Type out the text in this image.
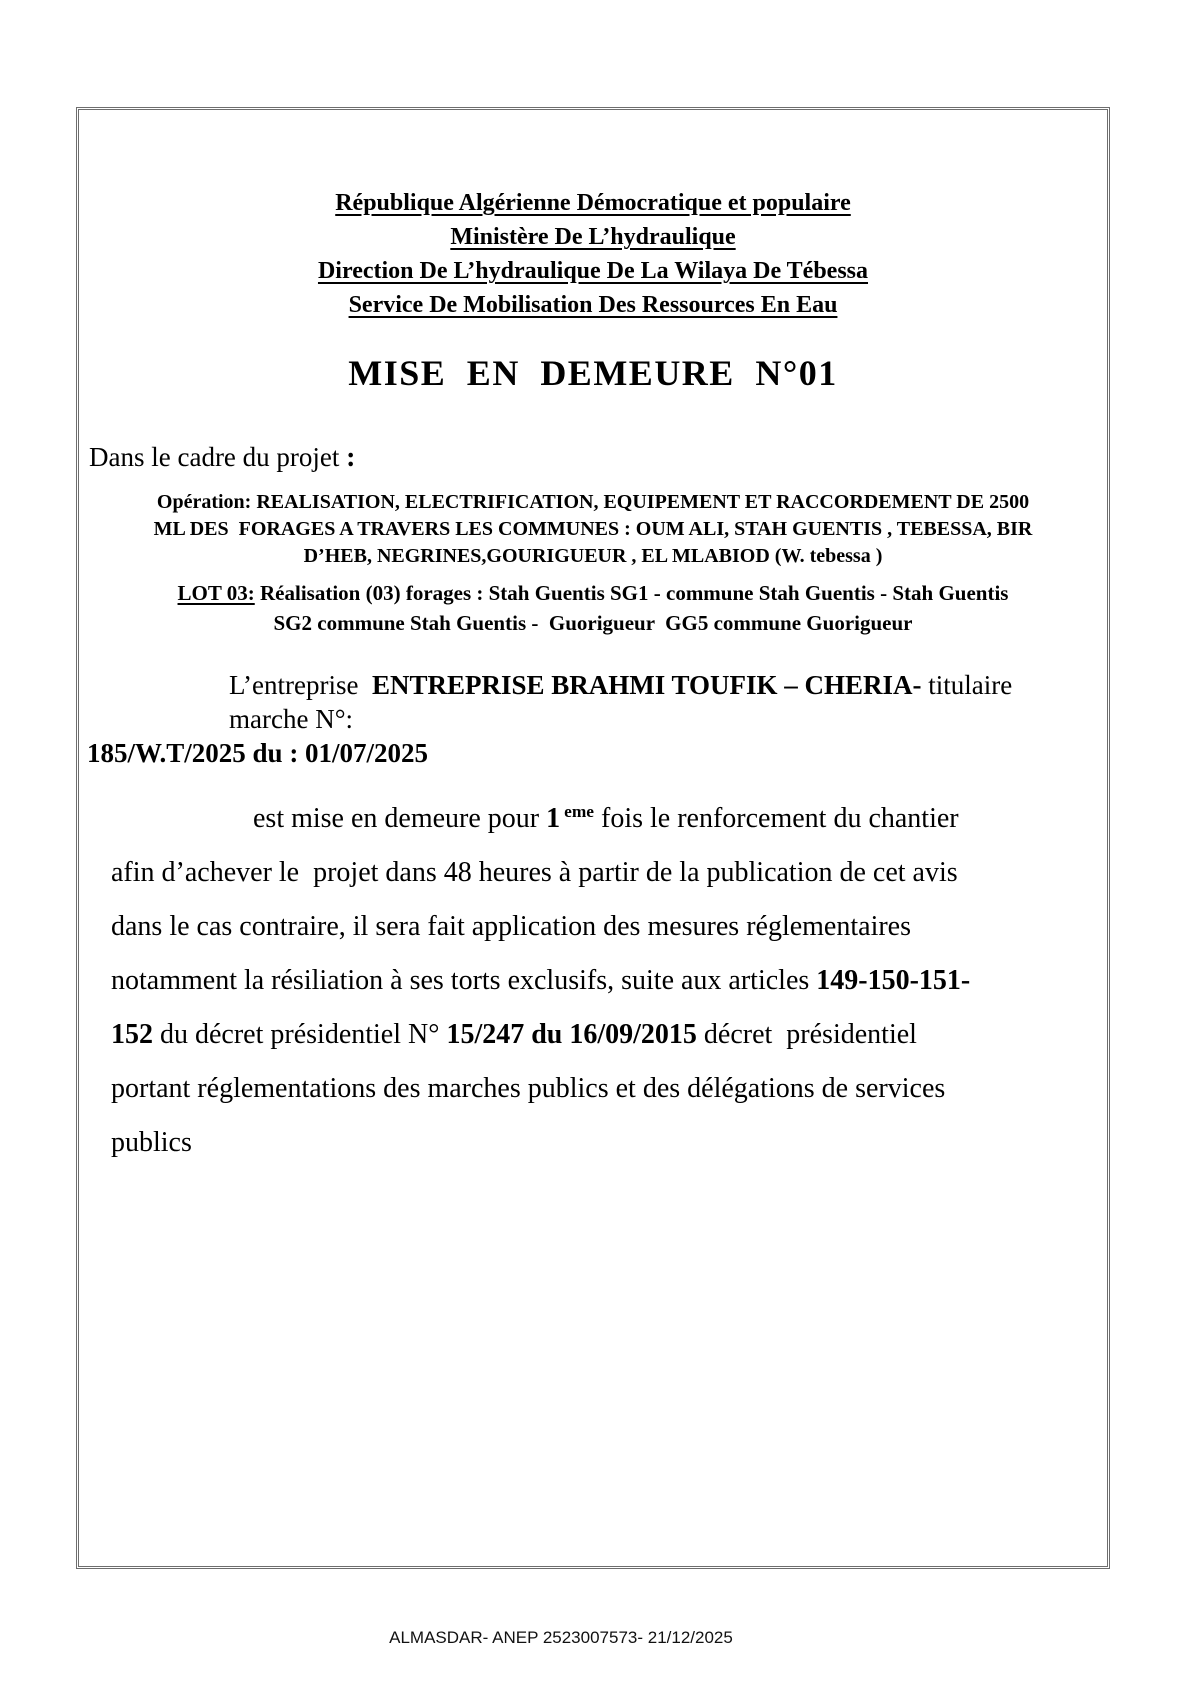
République Algérienne Démocratique et populaire
Ministère De L’hydraulique
Direction De L’hydraulique De La Wilaya De Tébessa
Service De Mobilisation Des Ressources En Eau
MISE EN DEMEURE N°01
Dans le cadre du projet :
Opération: REALISATION, ELECTRIFICATION, EQUIPEMENT ET RACCORDEMENT DE 2500
ML DES  FORAGES A TRAVERS LES COMMUNES : OUM ALI, STAH GUENTIS , TEBESSA, BIR
D’HEB, NEGRINES,GOURIGUEUR , EL MLABIOD (W. tebessa )
LOT 03: Réalisation (03) forages : Stah Guentis SG1 - commune Stah Guentis - Stah Guentis
SG2 commune Stah Guentis -  Guorigueur  GG5 commune Guorigueur
L’entreprise  ENTREPRISE BRAHMI TOUFIK – CHERIA- titulaire marche N°:
185/W.T/2025 du : 01/07/2025
est mise en demeure pour 1 $^{eme}$ fois le renforcement du chantier
afin d’achever le  projet dans 48 heures à partir de la publication de cet avis
dans le cas contraire, il sera fait application des mesures réglementaires
notamment la résiliation à ses torts exclusifs, suite aux articles 149-150-151-
152 du décret présidentiel N° 15/247 du 16/09/2015 décret  présidentiel
portant réglementations des marches publics et des délégations de services
publics
ALMASDAR- ANEP 2523007573- 21/12/2025
